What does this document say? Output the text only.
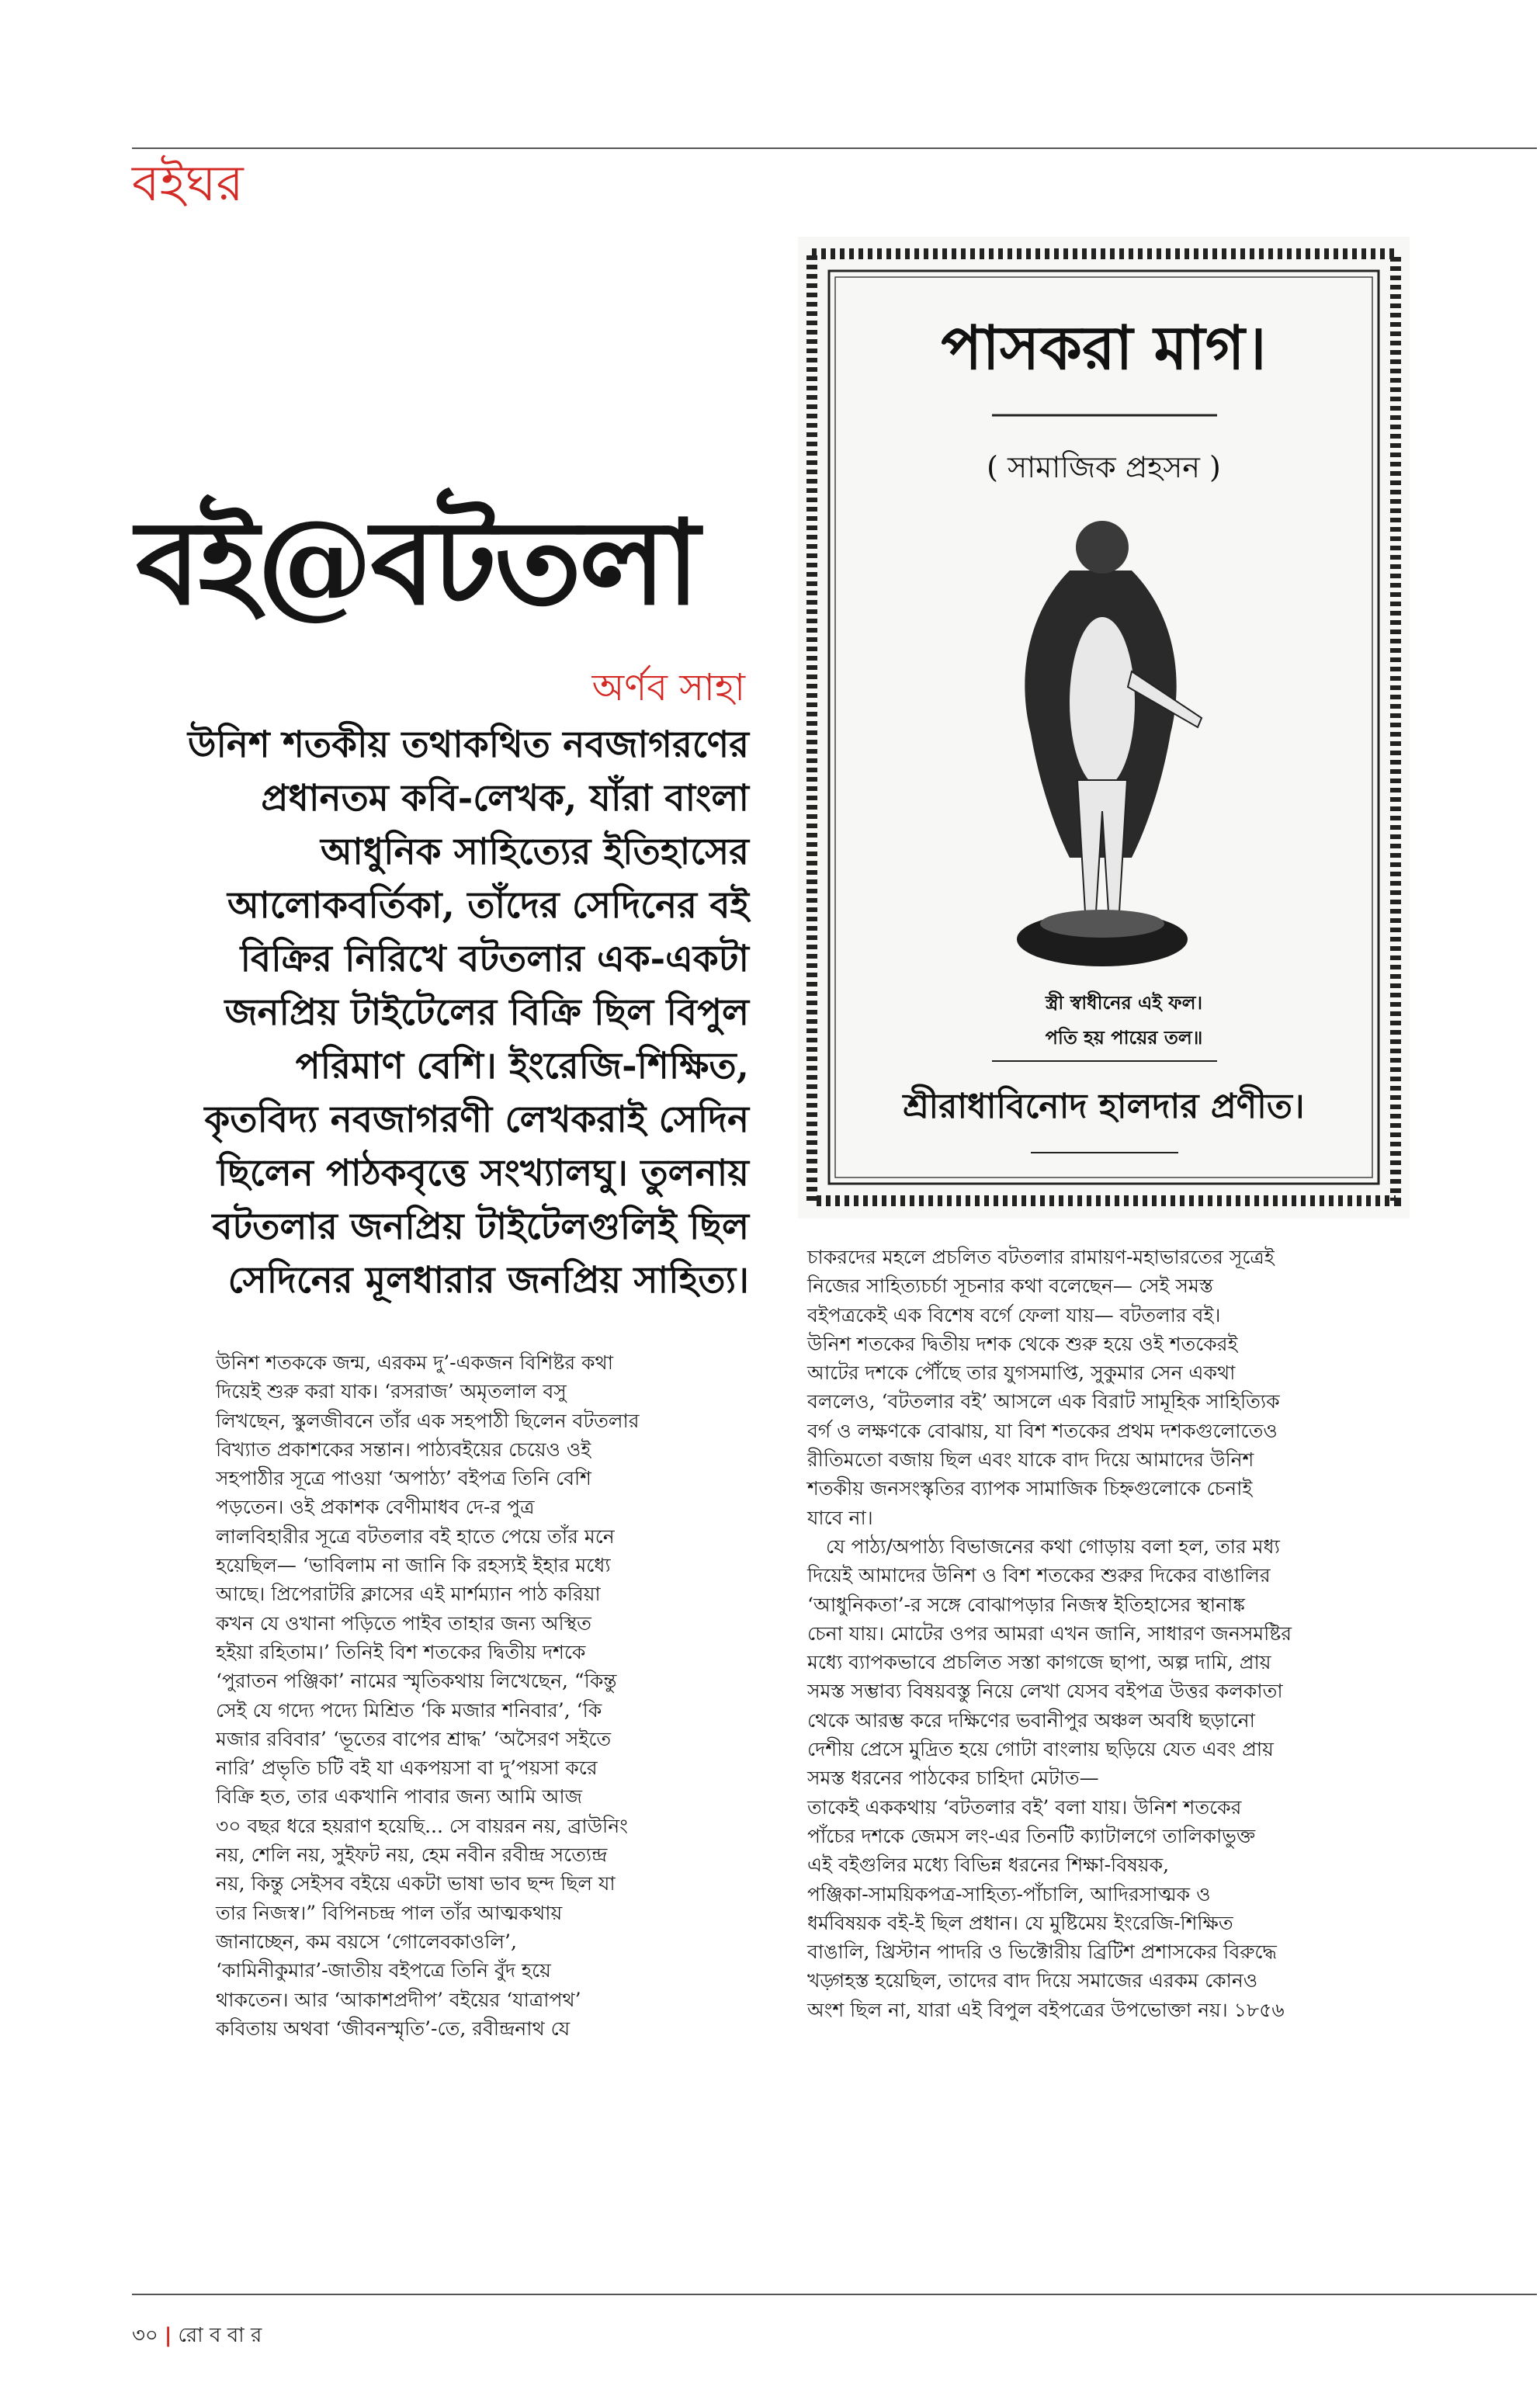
বইঘর
বই@বটতলা
অর্ণব সাহা
উনিশ শতকীয় তথাকথিত নবজাগরণের
প্রধানতম কবি-লেখক, যাঁরা বাংলা
আধুনিক সাহিত্যের ইতিহাসের
আলোকবর্তিকা, তাঁদের সেদিনের বই
বিক্রির নিরিখে বটতলার এক-একটা
জনপ্রিয় টাইটেলের বিক্রি ছিল বিপুল
পরিমাণ বেশি। ইংরেজি-শিক্ষিত,
কৃতবিদ্য নবজাগরণী লেখকরাই সেদিন
ছিলেন পাঠকবৃত্তে সংখ্যালঘু। তুলনায়
বটতলার জনপ্রিয় টাইটেলগুলিই ছিল
সেদিনের মূলধারার জনপ্রিয় সাহিত্য।
পাসকরা মাগ।
( সামাজিক প্রহসন )
স্ত্রী স্বাধীনের এই ফল।
পতি হয় পায়ের তল॥
শ্রীরাধাবিনোদ হালদার প্রণীত।
উনিশ শতককে জন্ম, এরকম দু’-একজন বিশিষ্টর কথা
দিয়েই শুরু করা যাক। ‘রসরাজ’ অমৃতলাল বসু
লিখছেন, স্কুলজীবনে তাঁর এক সহপাঠী ছিলেন বটতলার
বিখ্যাত প্রকাশকের সন্তান। পাঠ্যবইয়ের চেয়েও ওই
সহপাঠীর সূত্রে পাওয়া ‘অপাঠ্য’ বইপত্র তিনি বেশি
পড়তেন। ওই প্রকাশক বেণীমাধব দে-র পুত্র
লালবিহারীর সূত্রে বটতলার বই হাতে পেয়ে তাঁর মনে
হয়েছিল— ‘ভাবিলাম না জানি কি রহস্যই ইহার মধ্যে
আছে। প্রিপেরাটরি ক্লাসের এই মার্শম্যান পাঠ করিয়া
কখন যে ওখানা পড়িতে পাইব তাহার জন্য অস্থিত
হইয়া রহিতাম।’ তিনিই বিশ শতকের দ্বিতীয় দশকে
‘পুরাতন পঞ্জিকা’ নামের স্মৃতিকথায় লিখেছেন, “কিন্তু
সেই যে গদ্যে পদ্যে মিশ্রিত ‘কি মজার শনিবার’, ‘কি
মজার রবিবার’ ‘ভূতের বাপের শ্রাদ্ধ’ ‘অসৈরণ সইতে
নারি’ প্রভৃতি চটি বই যা একপয়সা বা দু’পয়সা করে
বিক্রি হত, তার একখানি পাবার জন্য আমি আজ
৩০ বছর ধরে হয়রাণ হয়েছি... সে বায়রন নয়, ব্রাউনিং
নয়, শেলি নয়, সুইফট নয়, হেম নবীন রবীন্দ্র সত্যেন্দ্র
নয়, কিন্তু সেইসব বইয়ে একটা ভাষা ভাব ছন্দ ছিল যা
তার নিজস্ব।” বিপিনচন্দ্র পাল তাঁর আত্মকথায়
জানাচ্ছেন, কম বয়সে ‘গোলেবকাওলি’,
‘কামিনীকুমার’-জাতীয় বইপত্রে তিনি বুঁদ হয়ে
থাকতেন। আর ‘আকাশপ্রদীপ’ বইয়ের ‘যাত্রাপথ’
কবিতায় অথবা ‘জীবনস্মৃতি’-তে, রবীন্দ্রনাথ যে
চাকরদের মহলে প্রচলিত বটতলার রামায়ণ-মহাভারতের সূত্রেই
নিজের সাহিত্যচর্চা সূচনার কথা বলেছেন— সেই সমস্ত
বইপত্রকেই এক বিশেষ বর্গে ফেলা যায়— বটতলার বই।
উনিশ শতকের দ্বিতীয় দশক থেকে শুরু হয়ে ওই শতকেরই
আটের দশকে পৌঁছে তার যুগসমাপ্তি, সুকুমার সেন একথা
বললেও, ‘বটতলার বই’ আসলে এক বিরাট সামূহিক সাহিত্যিক
বর্গ ও লক্ষণকে বোঝায়, যা বিশ শতকের প্রথম দশকগুলোতেও
রীতিমতো বজায় ছিল এবং যাকে বাদ দিয়ে আমাদের উনিশ
শতকীয় জনসংস্কৃতির ব্যাপক সামাজিক চিহ্নগুলোকে চেনাই
যাবে না।
যে পাঠ্য/অপাঠ্য বিভাজনের কথা গোড়ায় বলা হল, তার মধ্য
দিয়েই আমাদের উনিশ ও বিশ শতকের শুরুর দিকের বাঙালির
‘আধুনিকতা’-র সঙ্গে বোঝাপড়ার নিজস্ব ইতিহাসের স্থানাঙ্ক
চেনা যায়। মোটের ওপর আমরা এখন জানি, সাধারণ জনসমষ্টির
মধ্যে ব্যাপকভাবে প্রচলিত সস্তা কাগজে ছাপা, অল্প দামি, প্রায়
সমস্ত সম্ভাব্য বিষয়বস্তু নিয়ে লেখা যেসব বইপত্র উত্তর কলকাতা
থেকে আরম্ভ করে দক্ষিণের ভবানীপুর অঞ্চল অবধি ছড়ানো
দেশীয় প্রেসে মুদ্রিত হয়ে গোটা বাংলায় ছড়িয়ে যেত এবং প্রায়
সমস্ত ধরনের পাঠকের চাহিদা মেটাত—
তাকেই এককথায় ‘বটতলার বই’ বলা যায়। উনিশ শতকের
পাঁচের দশকে জেমস লং-এর তিনটি ক্যাটালগে তালিকাভুক্ত
এই বইগুলির মধ্যে বিভিন্ন ধরনের শিক্ষা-বিষয়ক,
পঞ্জিকা-সাময়িকপত্র-সাহিত্য-পাঁচালি, আদিরসাত্মক ও
ধর্মবিষয়ক বই-ই ছিল প্রধান। যে মুষ্টিমেয় ইংরেজি-শিক্ষিত
বাঙালি, খ্রিস্টান পাদরি ও ভিক্টোরীয় ব্রিটিশ প্রশাসকের বিরুদ্ধে
খড়্গহস্ত হয়েছিল, তাদের বাদ দিয়ে সমাজের এরকম কোনও
অংশ ছিল না, যারা এই বিপুল বইপত্রের উপভোক্তা নয়। ১৮৫৬
৩০ | রো ব বা র
